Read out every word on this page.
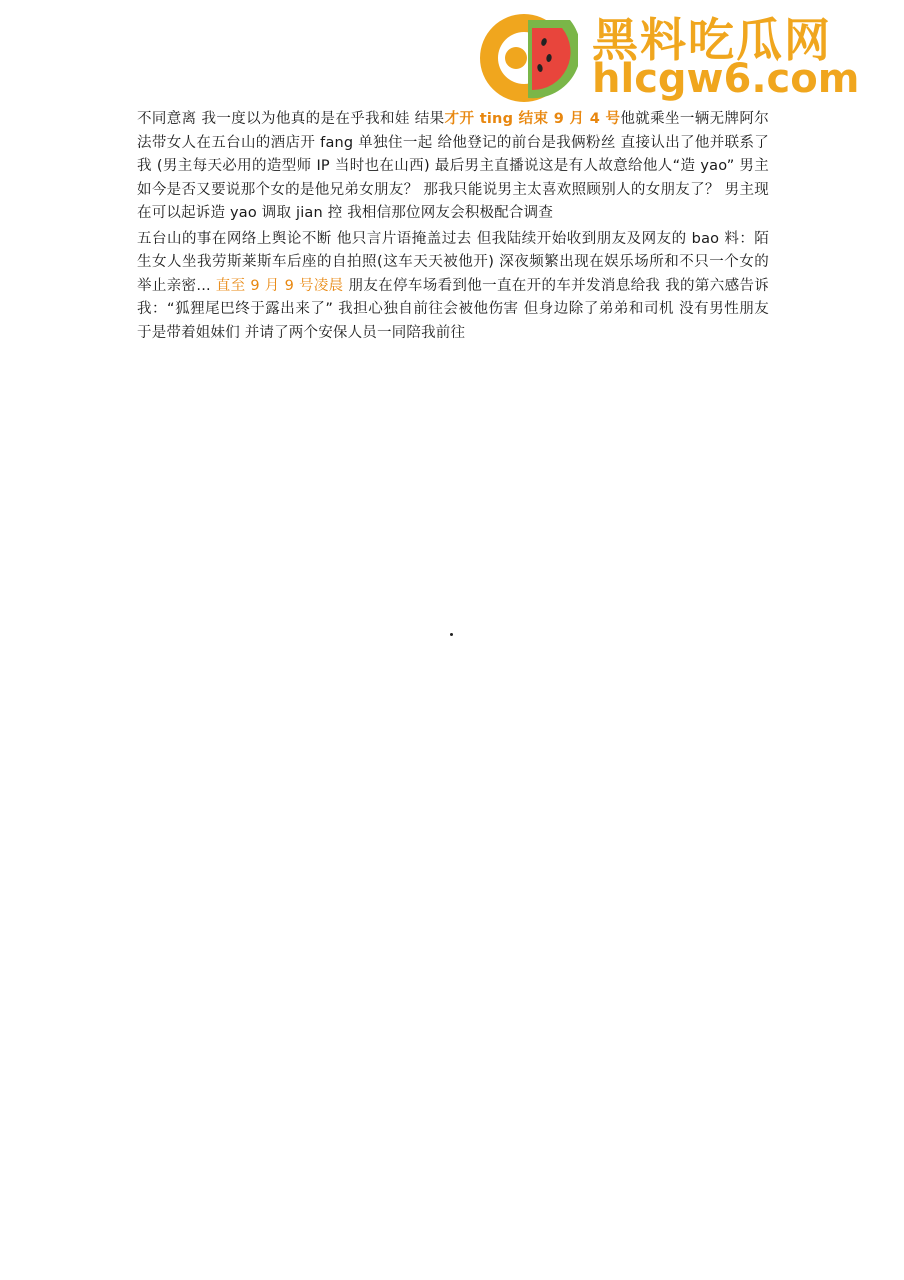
黑料吃瓜网
hlcgw6.com

不同意离 我一度以为他真的是在乎我和娃 结果才开 ting 结束 9 月 4 号他就乘坐一辆无牌阿尔法带女人在五台山的酒店开 fang 单独住一起 给他登记的前台是我俩粉丝 直接认出了他并联系了我 (男主每天必用的造型师 IP 当时也在山西) 最后男主直播说这是有人故意给他人“造 yao” 男主如今是否又要说那个女的是他兄弟女朋友？ 那我只能说男主太喜欢照顾别人的女朋友了？ 男主现在可以起诉造 yao 调取 jian 控 我相信那位网友会积极配合调查

五台山的事在网络上舆论不断 他只言片语掩盖过去 但我陆续开始收到朋友及网友的 bao 料：陌生女人坐我劳斯莱斯车后座的自拍照(这车天天被他开) 深夜频繁出现在娱乐场所和不只一个女的举止亲密... 直至 9 月 9 号凌晨 朋友在停车场看到他一直在开的车并发消息给我 我的第六感告诉我：“狐狸尾巴终于露出来了” 我担心独自前往会被他伤害 但身边除了弟弟和司机 没有男性朋友 于是带着姐妹们 并请了两个安保人员一同陪我前往
